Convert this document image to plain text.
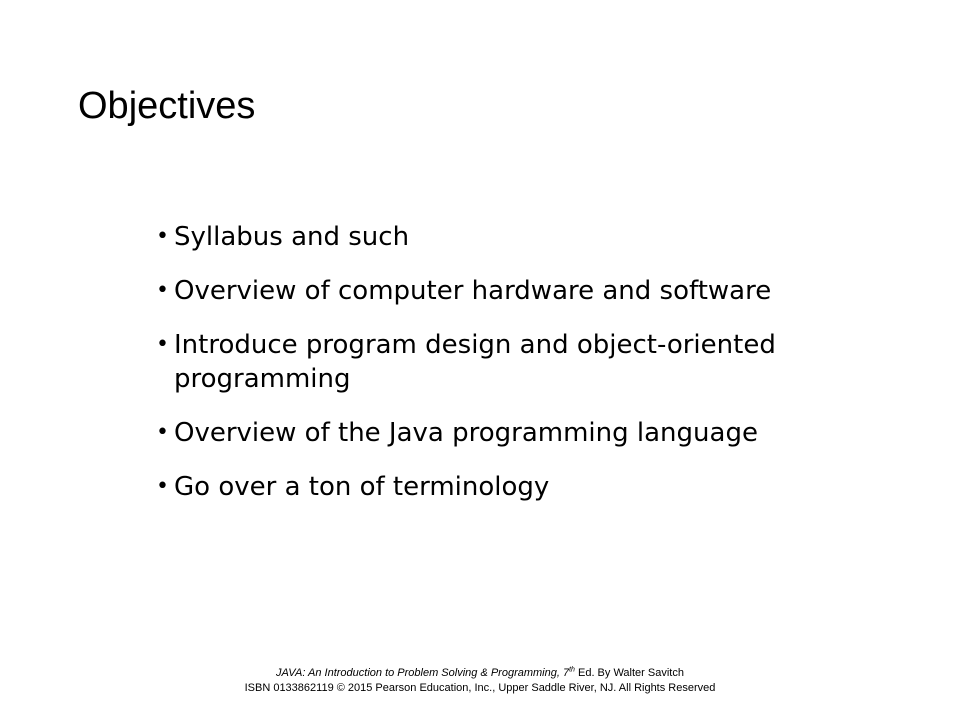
Objectives
• Syllabus and such
• Overview of computer hardware and software
• Introduce program design and object-oriented programming
• Overview of the Java programming language
• Go over a ton of terminology
JAVA: An Introduction to Problem Solving & Programming, 7th Ed. By Walter Savitch
ISBN 0133862119 © 2015 Pearson Education, Inc., Upper Saddle River, NJ. All Rights Reserved
